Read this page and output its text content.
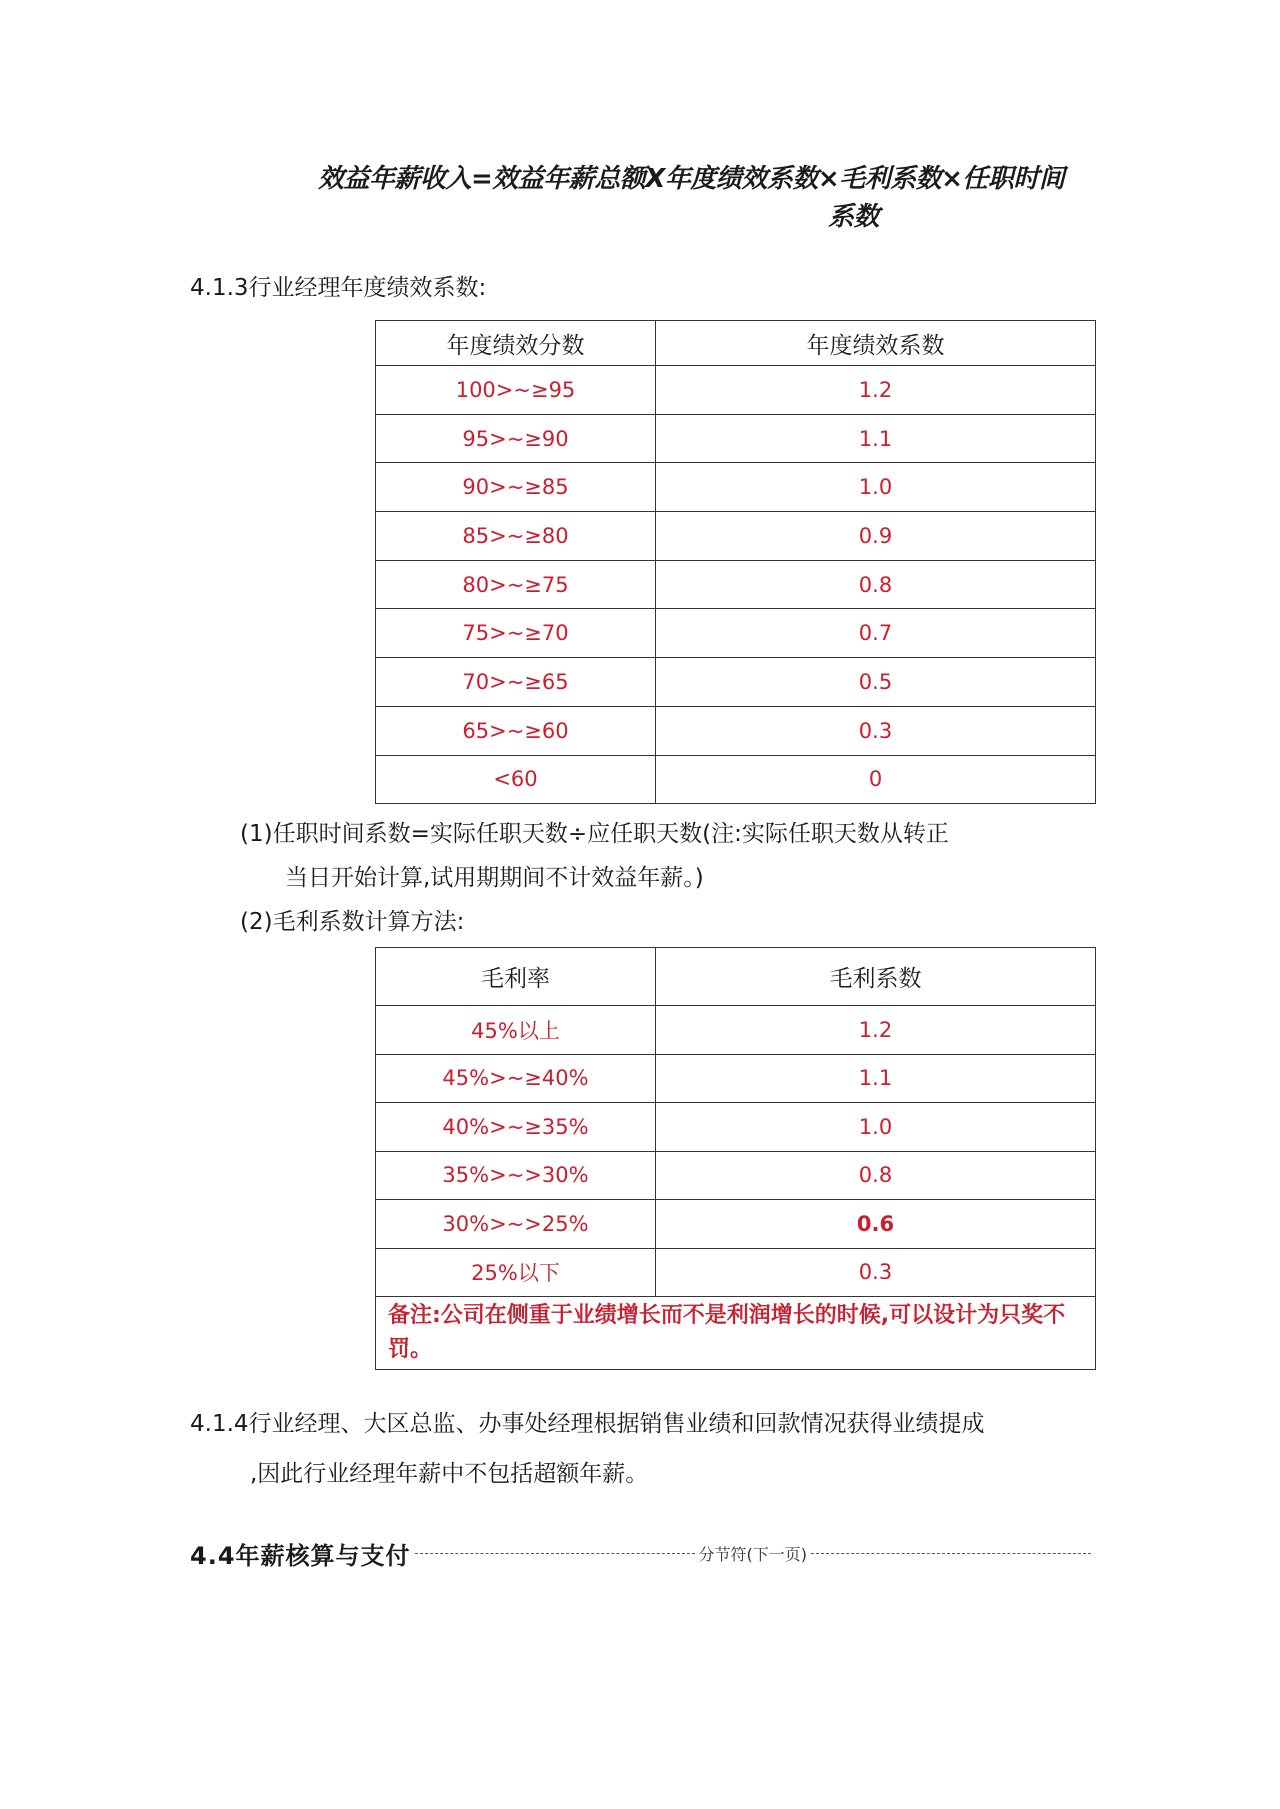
效益年薪收入=效益年薪总额X年度绩效系数×毛利系数×任职时间
系数
4.1.3行业经理年度绩效系数:
年度绩效分数	年度绩效系数
100>~≥95	1.2
95>~≥90	1.1
90>~≥85	1.0
85>~≥80	0.9
80>~≥75	0.8
75>~≥70	0.7
70>~≥65	0.5
65>~≥60	0.3
<60	0
(1)任职时间系数=实际任职天数÷应任职天数(注:实际任职天数从转正
当日开始计算,试用期期间不计效益年薪。)
(2)毛利系数计算方法:
毛利率	毛利系数
45%以上	1.2
45%>~≥40%	1.1
40%>~≥35%	1.0
35%>~>30%	0.8
30%>~>25%	0.6
25%以下	0.3
备注:公司在侧重于业绩增长而不是利润增长的时候,可以设计为只奖不罚。	
4.1.4行业经理、大区总监、办事处经理根据销售业绩和回款情况获得业绩提成
,因此行业经理年薪中不包括超额年薪。
4.4年薪核算与支付	分节符(下一页)
